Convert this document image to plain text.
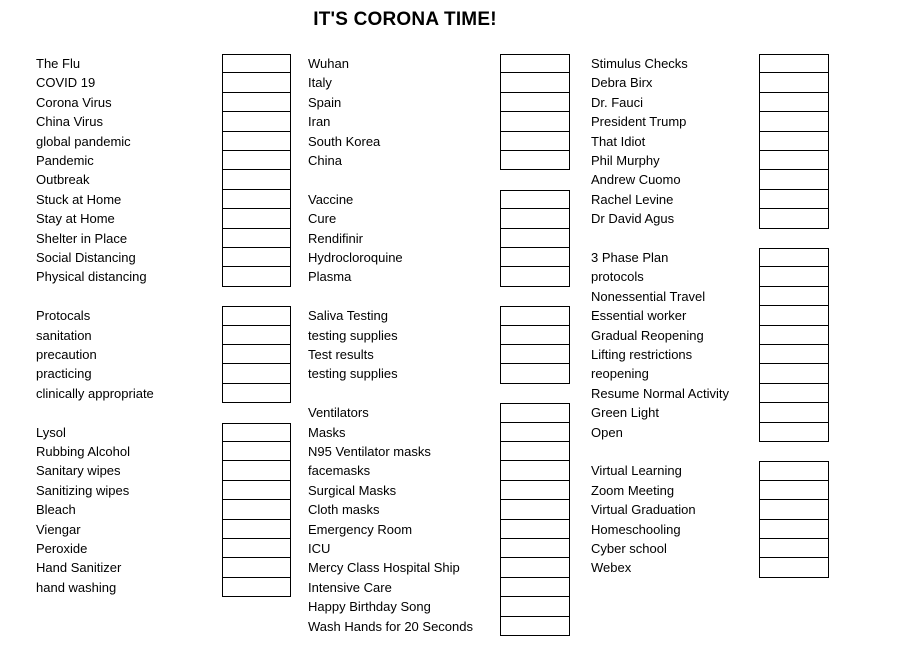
IT'S CORONA TIME!
The Flu
COVID 19
Corona Virus
China Virus
global pandemic
Pandemic
Outbreak
Stuck at Home
Stay at Home
Shelter in Place
Social Distancing
Physical distancing
Protocals
sanitation
precaution
practicing
clinically appropriate
Lysol
Rubbing Alcohol
Sanitary wipes
Sanitizing wipes
Bleach
Viengar
Peroxide
Hand Sanitizer
hand washing
Wuhan
Italy
Spain
Iran
South Korea
China
Vaccine
Cure
Rendifinir
Hydrocloroquine
Plasma
Saliva Testing
testing supplies
Test results
testing supplies
Ventilators
Masks
N95 Ventilator masks
facemasks
Surgical Masks
Cloth masks
Emergency Room
ICU
Mercy Class Hospital Ship
Intensive Care
Happy Birthday Song
Wash Hands for 20 Seconds
Stimulus Checks
Debra Birx
Dr. Fauci
President Trump
That Idiot
Phil Murphy
Andrew Cuomo
Rachel Levine
Dr David Agus
3 Phase Plan
protocols
Nonessential Travel
Essential worker
Gradual Reopening
Lifting restrictions
reopening
Resume Normal Activity
Green Light
Open
Virtual Learning
Zoom Meeting
Virtual Graduation
Homeschooling
Cyber school
Webex
